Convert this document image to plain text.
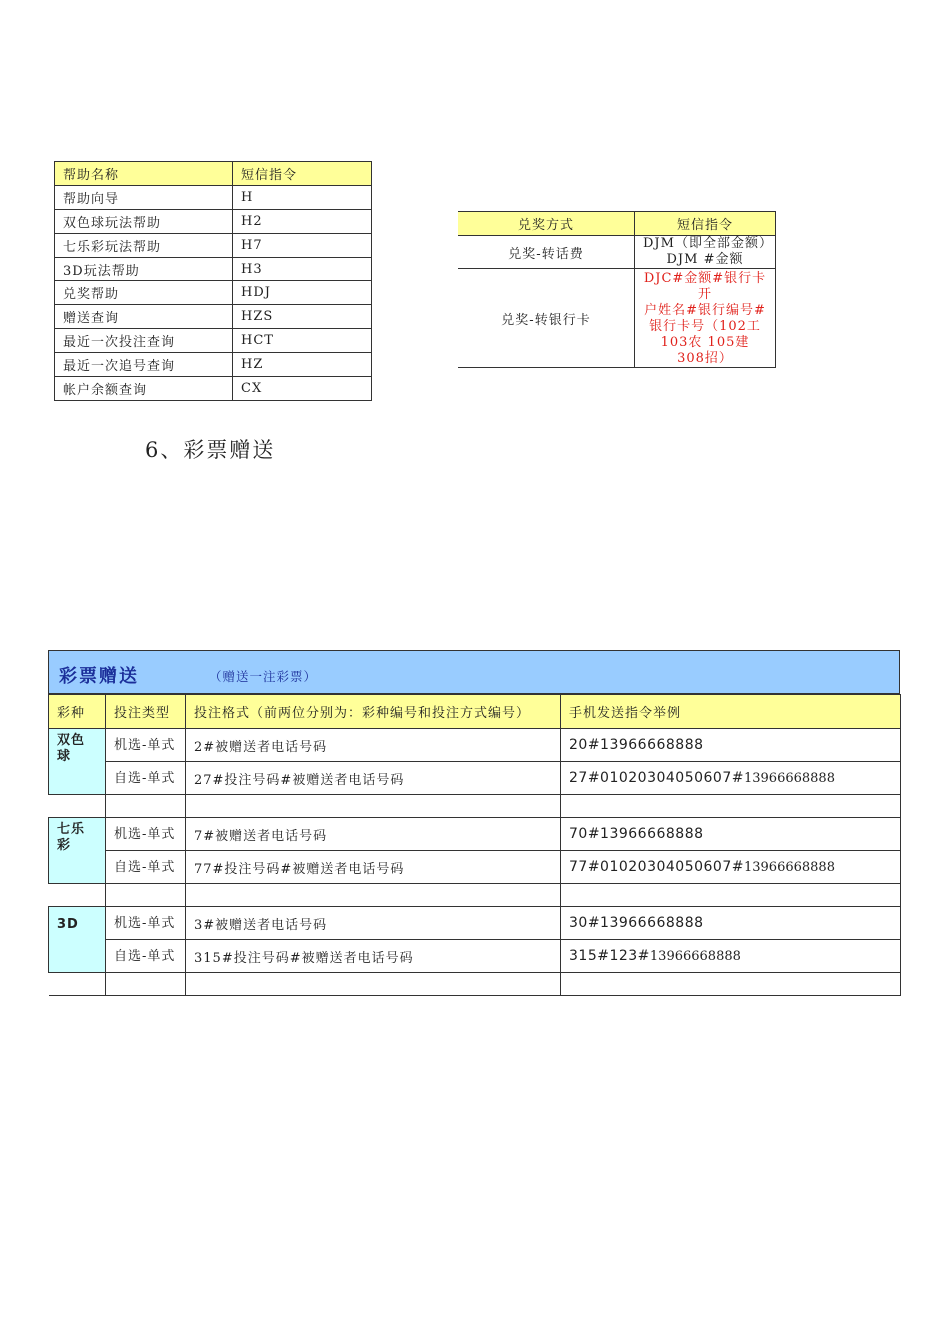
帮助名称	短信指令
帮助向导	H
双色球玩法帮助	H2
七乐彩玩法帮助	H7
3D玩法帮助	H3
兑奖帮助	HDJ
赠送查询	HZS
最近一次投注查询	HCT
最近一次追号查询	HZ
帐户余额查询	CX
兑奖方式	短信指令
兑奖-转话费	DJM（即全部金额）
DJM #金额

兑奖-转银行卡	DJC#金额#银行卡开
户姓名#银行编号#
银行卡号（102工
103农 105建
308招）
6、彩票赠送
彩票赠送	（赠送一注彩票）
彩种	投注类型	投注格式（前两位分别为：彩种编号和投注方式编号）	手机发送指令举例
双色球	机选-单式	2#被赠送者电话号码	20#13966668888
	自选-单式	27#投注号码#被赠送者电话号码	27#01020304050607#13966668888

七乐彩	机选-单式	7#被赠送者电话号码	70#13966668888
	自选-单式	77#投注号码#被赠送者电话号码	77#01020304050607#13966668888

3D	机选-单式	3#被赠送者电话号码	30#13966668888
	自选-单式	315#投注号码#被赠送者电话号码	315#123#13966668888
